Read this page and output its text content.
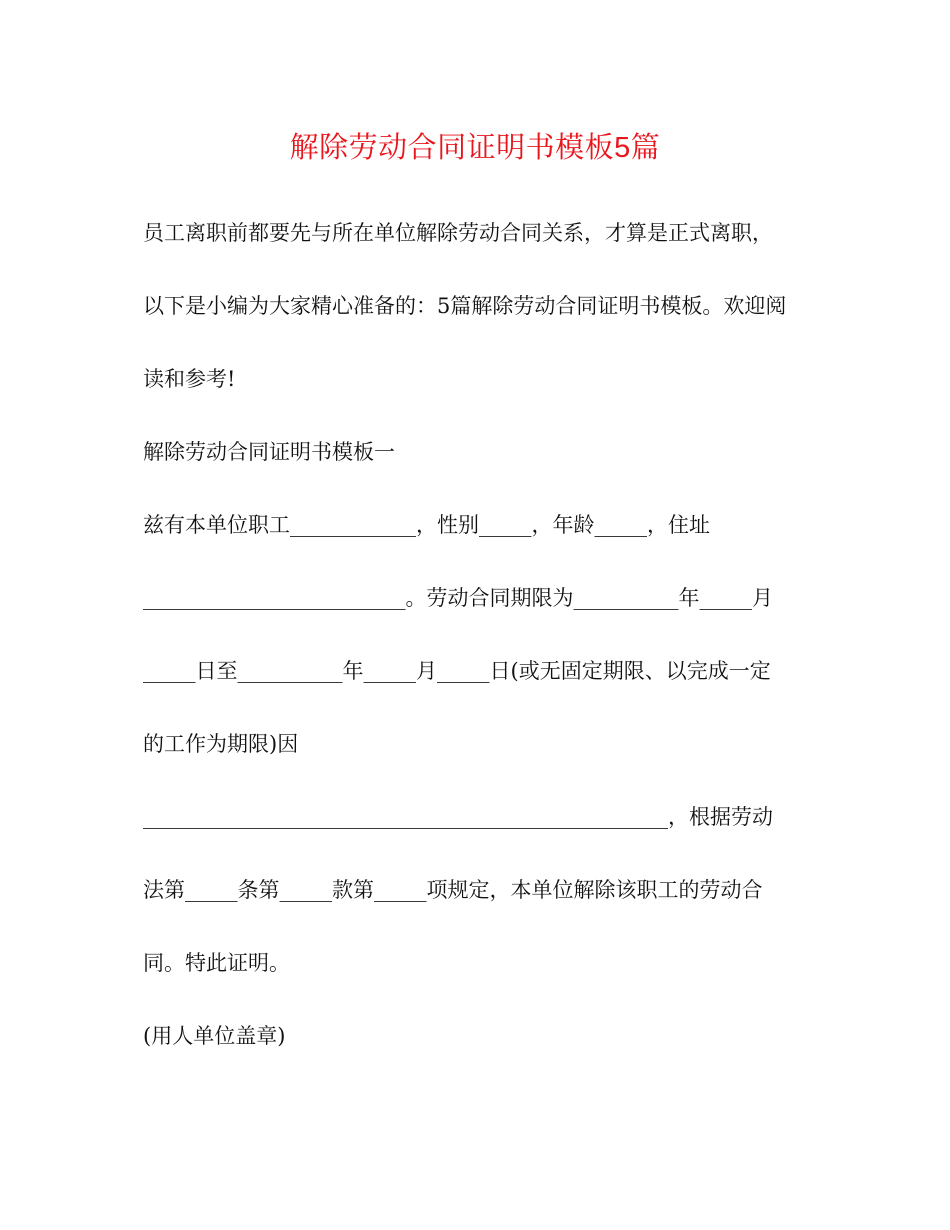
解除劳动合同证明书模板5篇
员工离职前都要先与所在单位解除劳动合同关系，才算是正式离职，
以下是小编为大家精心准备的：5篇解除劳动合同证明书模板。欢迎阅
读和参考!
解除劳动合同证明书模板一
兹有本单位职工____________，性别_____，年龄_____，住址
_________________________。劳动合同期限为__________年_____月
_____日至__________年_____月_____日(或无固定期限、以完成一定
的工作为期限)因
__________________________________________________，根据劳动
法第_____条第_____款第_____项规定，本单位解除该职工的劳动合
同。特此证明。
(用人单位盖章)
